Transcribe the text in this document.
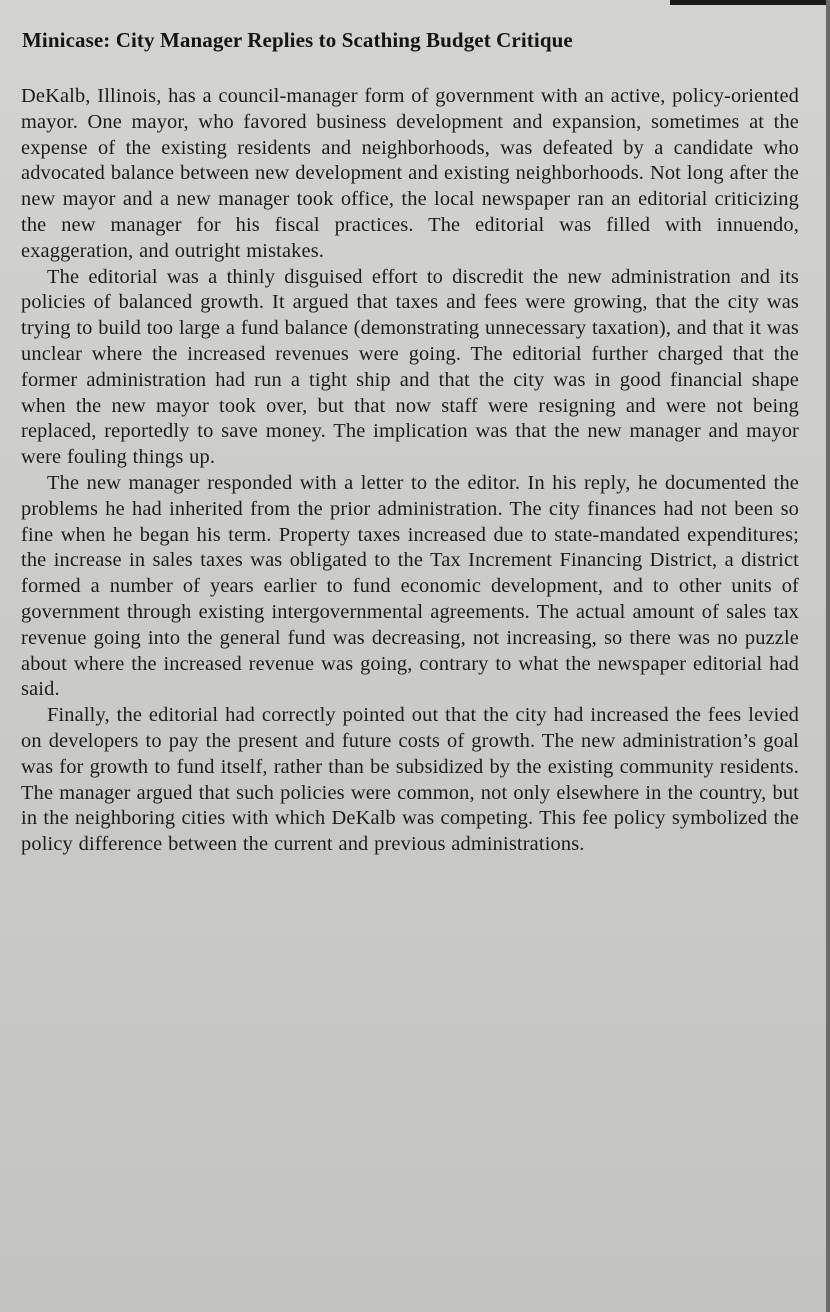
Minicase: City Manager Replies to Scathing Budget Critique

DeKalb, Illinois, has a council-manager form of government with an active, policy-oriented mayor. One mayor, who favored business development and expansion, sometimes at the expense of the existing residents and neighborhoods, was defeated by a candidate who advocated balance between new development and existing neighborhoods. Not long after the new mayor and a new manager took office, the local newspaper ran an editorial criticizing the new manager for his fiscal practices. The editorial was filled with innuendo, exaggeration, and outright mistakes.

The editorial was a thinly disguised effort to discredit the new administration and its policies of balanced growth. It argued that taxes and fees were growing, that the city was trying to build too large a fund balance (demonstrating unnecessary taxation), and that it was unclear where the increased revenues were going. The editorial further charged that the former administration had run a tight ship and that the city was in good financial shape when the new mayor took over, but that now staff were resigning and were not being replaced, reportedly to save money. The implication was that the new manager and mayor were fouling things up.

The new manager responded with a letter to the editor. In his reply, he documented the problems he had inherited from the prior administration. The city finances had not been so fine when he began his term. Property taxes increased due to state-mandated expenditures; the increase in sales taxes was obligated to the Tax Increment Financing District, a district formed a number of years earlier to fund economic development, and to other units of government through existing intergovernmental agreements. The actual amount of sales tax revenue going into the general fund was decreasing, not increasing, so there was no puzzle about where the increased revenue was going, contrary to what the newspaper editorial had said.

Finally, the editorial had correctly pointed out that the city had increased the fees levied on developers to pay the present and future costs of growth. The new administration’s goal was for growth to fund itself, rather than be subsidized by the existing community residents. The manager argued that such policies were common, not only elsewhere in the country, but in the neighboring cities with which DeKalb was competing. This fee policy symbolized the policy difference between the current and previous administrations.
